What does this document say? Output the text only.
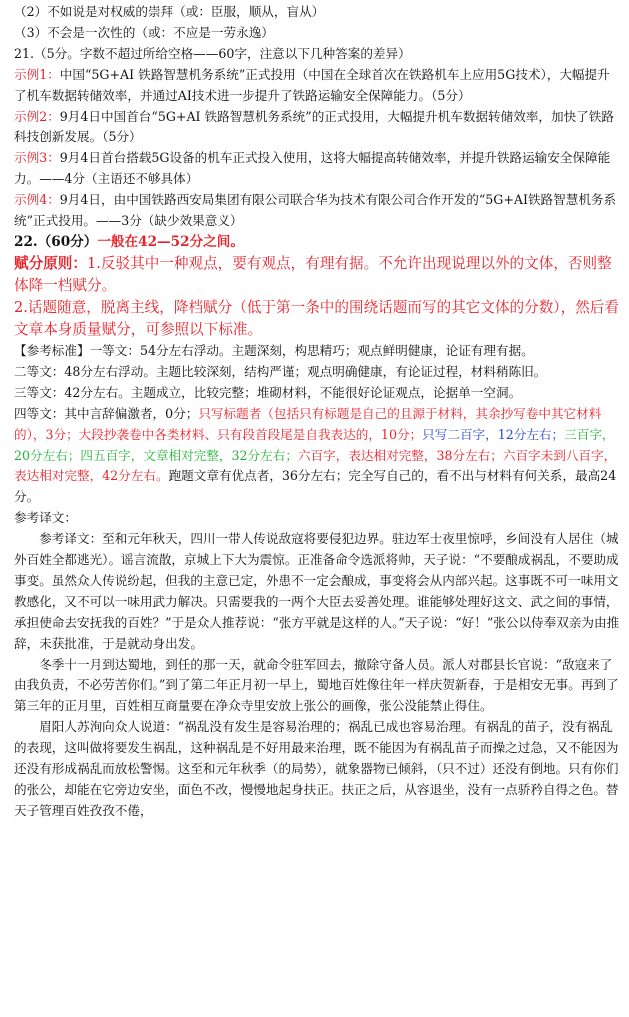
（2）不如说是对权威的崇拜（或：臣服，顺从，盲从）

（3）不会是一次性的（或：不应是一劳永逸）

21.（5分。字数不超过所给空格——60字，注意以下几种答案的差异）

示例1：中国“5G+AI 铁路智慧机务系统”正式投用（中国在全球首次在铁路机车上应用5G技术），大幅提升了机车数据转储效率，并通过AI技术进一步提升了铁路运输安全保障能力。（5分）

示例2：9月4日中国首台“5G+AI 铁路智慧机务系统”的正式投用，大幅提升机车数据转储效率，加快了铁路科技创新发展。（5分）

示例3：9月4日首台搭载5G设备的机车正式投入使用，这将大幅提高转储效率，并提升铁路运输安全保障能力。——4分（主语还不够具体）

示例4：9月4日，由中国铁路西安局集团有限公司联合华为技术有限公司合作开发的“5G+AI铁路智慧机务系统”正式投用。——3分（缺少效果意义）

22.（60分）一般在42—52分之间。

赋分原则：1.反驳其中一种观点，要有观点，有理有据。不允许出现说理以外的文体，否则整体降一档赋分。

2.话题随意，脱离主线，降档赋分（低于第一条中的围绕话题而写的其它文体的分数），然后看文章本身质量赋分，可参照以下标准。

【参考标准】一等文：54分左右浮动。主题深刻，构思精巧；观点鲜明健康，论证有理有据。

二等文：48分左右浮动。主题比较深刻，结构严谨；观点明确健康，有论证过程，材料稍陈旧。

三等文：42分左右。主题成立，比较完整；堆砌材料，不能很好论证观点，论据单一空洞。

四等文：其中言辞偏激者，0分；只写标题者（包括只有标题是自己的且源于材料，其余抄写卷中其它材料的），3分；大段抄袭卷中各类材料、只有段首段尾是自我表达的，10分；只写二百字，12分左右；三百字，20分左右；四五百字，文章相对完整，32分左右；六百字，表达相对完整，38分左右；六百字未到八百字，表达相对完整，42分左右。跑题文章有优点者，36分左右；完全写自己的，看不出与材料有何关系，最高24分。

参考译文：

参考译文：至和元年秋天，四川一带人传说敌寇将要侵犯边界。驻边军士夜里惊呼，乡间没有人居住（城外百姓全都逃光）。谣言流散，京城上下大为震惊。正准备命令选派将帅，天子说：“不要酿成祸乱，不要助成事变。虽然众人传说纷起，但我的主意已定，外患不一定会酿成，事变将会从内部兴起。这事既不可一味用文教感化，又不可以一味用武力解决。只需要我的一两个大臣去妥善处理。谁能够处理好这文、武之间的事情，承担使命去安抚我的百姓？”于是众人推荐说：“张方平就是这样的人。”天子说：“好！”张公以侍奉双亲为由推辞，未获批准，于是就动身出发。

冬季十一月到达蜀地，到任的那一天，就命令驻军回去，撤除守备人员。派人对郡县长官说：“敌寇来了由我负责，不必劳苦你们。”到了第二年正月初一早上，蜀地百姓像往年一样庆贺新春，于是相安无事。再到了第三年的正月里，百姓相互商量要在净众寺里安放上张公的画像，张公没能禁止得住。

眉阳人苏洵向众人说道：“祸乱没有发生是容易治理的；祸乱已成也容易治理。有祸乱的苗子，没有祸乱的表现，这叫做将要发生祸乱，这种祸乱是不好用最来治理，既不能因为有祸乱苗子而操之过急，又不能因为还没有形成祸乱而放松警惕。这至和元年秋季（的局势），就象器物已倾斜，（只不过）还没有倒地。只有你们的张公，却能在它旁边安坐，面色不改，慢慢地起身扶正。扶正之后，从容退坐，没有一点骄矜自得之色。替天子管理百姓孜孜不倦，
